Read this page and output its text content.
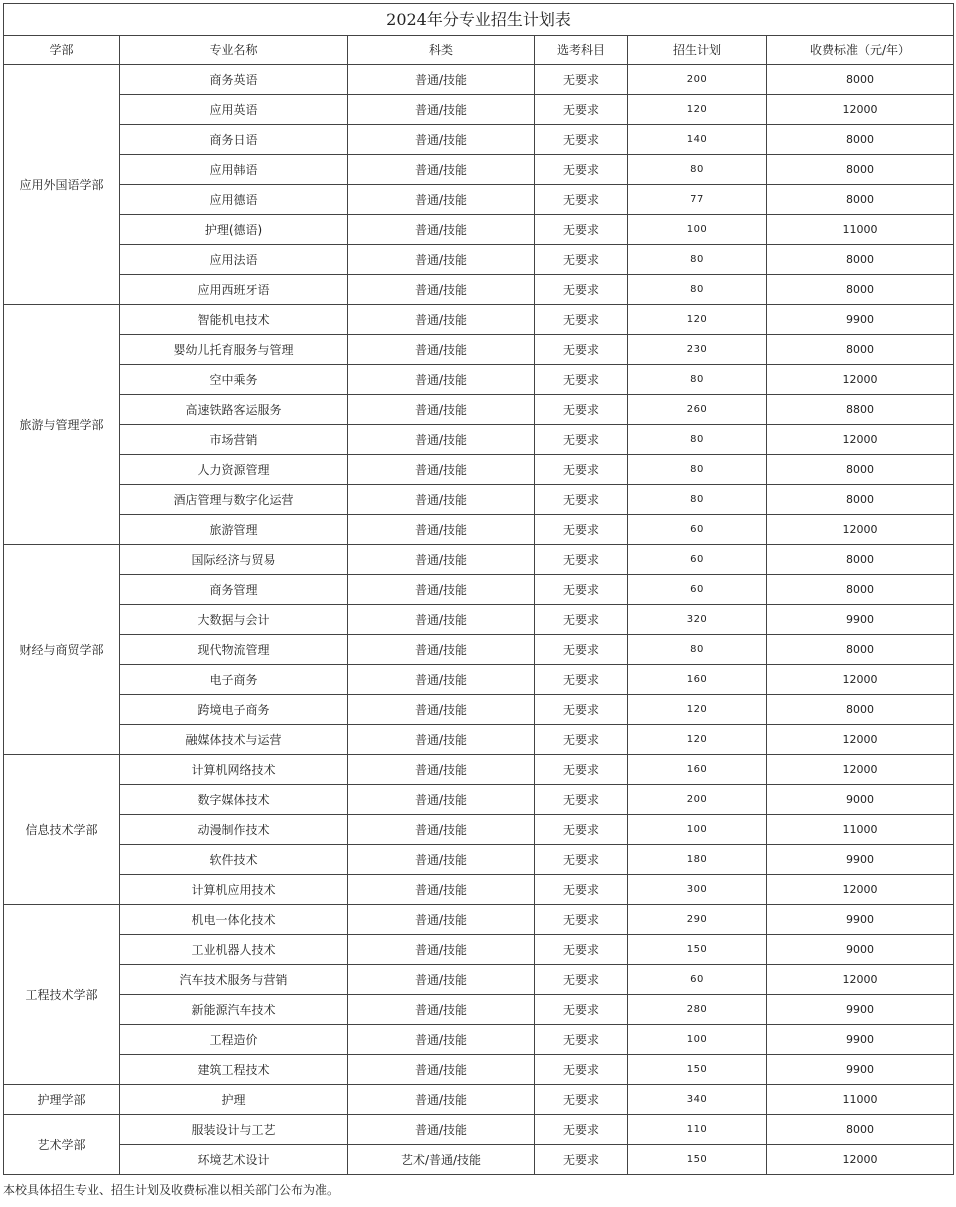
2024年分专业招生计划表					
学部	专业名称	科类	选考科目	招生计划	收费标准（元/年）
应用外国语学部	商务英语	普通/技能	无要求	200	8000
	应用英语	普通/技能	无要求	120	12000
	商务日语	普通/技能	无要求	140	8000
	应用韩语	普通/技能	无要求	80	8000
	应用德语	普通/技能	无要求	77	8000
	护理(德语)	普通/技能	无要求	100	11000
	应用法语	普通/技能	无要求	80	8000
	应用西班牙语	普通/技能	无要求	80	8000
旅游与管理学部	智能机电技术	普通/技能	无要求	120	9900
	婴幼儿托育服务与管理	普通/技能	无要求	230	8000
	空中乘务	普通/技能	无要求	80	12000
	高速铁路客运服务	普通/技能	无要求	260	8800
	市场营销	普通/技能	无要求	80	12000
	人力资源管理	普通/技能	无要求	80	8000
	酒店管理与数字化运营	普通/技能	无要求	80	8000
	旅游管理	普通/技能	无要求	60	12000
财经与商贸学部	国际经济与贸易	普通/技能	无要求	60	8000
	商务管理	普通/技能	无要求	60	8000
	大数据与会计	普通/技能	无要求	320	9900
	现代物流管理	普通/技能	无要求	80	8000
	电子商务	普通/技能	无要求	160	12000
	跨境电子商务	普通/技能	无要求	120	8000
	融媒体技术与运营	普通/技能	无要求	120	12000
信息技术学部	计算机网络技术	普通/技能	无要求	160	12000
	数字媒体技术	普通/技能	无要求	200	9000
	动漫制作技术	普通/技能	无要求	100	11000
	软件技术	普通/技能	无要求	180	9900
	计算机应用技术	普通/技能	无要求	300	12000
工程技术学部	机电一体化技术	普通/技能	无要求	290	9900
	工业机器人技术	普通/技能	无要求	150	9000
	汽车技术服务与营销	普通/技能	无要求	60	12000
	新能源汽车技术	普通/技能	无要求	280	9900
	工程造价	普通/技能	无要求	100	9900
	建筑工程技术	普通/技能	无要求	150	9900
护理学部	护理	普通/技能	无要求	340	11000
艺术学部	服装设计与工艺	普通/技能	无要求	110	8000
	环境艺术设计	艺术/普通/技能	无要求	150	12000
本校具体招生专业、招生计划及收费标准以相关部门公布为准。
